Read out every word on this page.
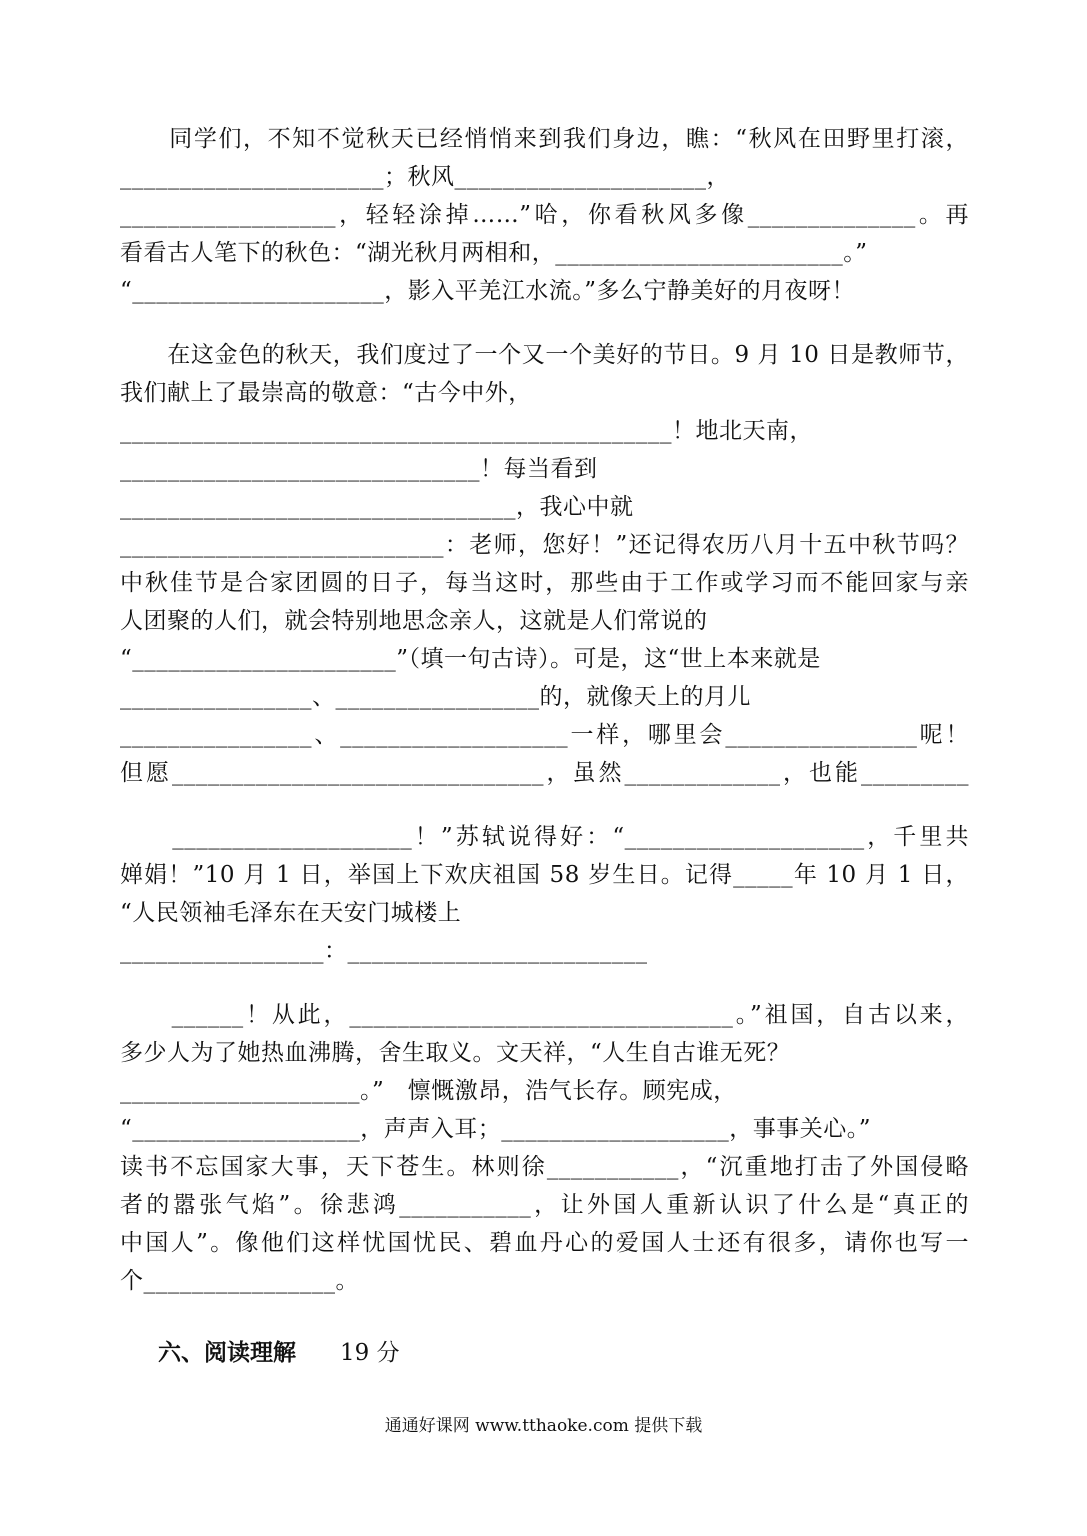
　　同学们，不知不觉秋天已经悄悄来到我们身边，瞧：“秋风在田野里打滚，
______________________；秋风_____________________，
__________________，轻轻涂掉……”哈，你看秋风多像______________。再
看看古人笔下的秋色：“湖光秋月两相和，________________________。”
“_____________________，影入平羌江水流。”多么宁静美好的月夜呀！
　　在这金色的秋天，我们度过了一个又一个美好的节日。9 月 10 日是教师节，
我们献上了最崇高的敬意：“古今中外，
______________________________________________！地北天南，
______________________________！每当看到
_________________________________，我心中就
___________________________：老师，您好！”还记得农历八月十五中秋节吗？
中秋佳节是合家团圆的日子，每当这时，那些由于工作或学习而不能回家与亲
人团聚的人们，就会特别地思念亲人，这就是人们常说的
“______________________”（填一句古诗）。可是，这“世上本来就是
________________、_________________的，就像天上的月儿
________________、___________________一样，哪里会________________呢！
但愿_______________________________，虽然_____________，也能_________
　　____________________！”苏轼说得好：“____________________，千里共
婵娟！”10 月 1 日，举国上下欢庆祖国 58 岁生日。记得_____年 10 月 1 日，
“人民领袖毛泽东在天安门城楼上
_________________：_________________________
　　______！从此，________________________________。”祖国，自古以来，
多少人为了她热血沸腾，舍生取义。文天祥，“人生自古谁无死？
____________________。”　懔慨激昂，浩气长存。顾宪成，
“___________________，声声入耳；___________________，事事关心。”
读书不忘国家大事，天下苍生。林则徐___________，“沉重地打击了外国侵略
者的嚣张气焰”。徐悲鸿___________，让外国人重新认识了什么是“真正的
中国人”。像他们这样忧国忧民、碧血丹心的爱国人士还有很多，请你也写一
个________________。
六、阅读理解 19 分
通通好课网 www.tthaoke.com 提供下载
